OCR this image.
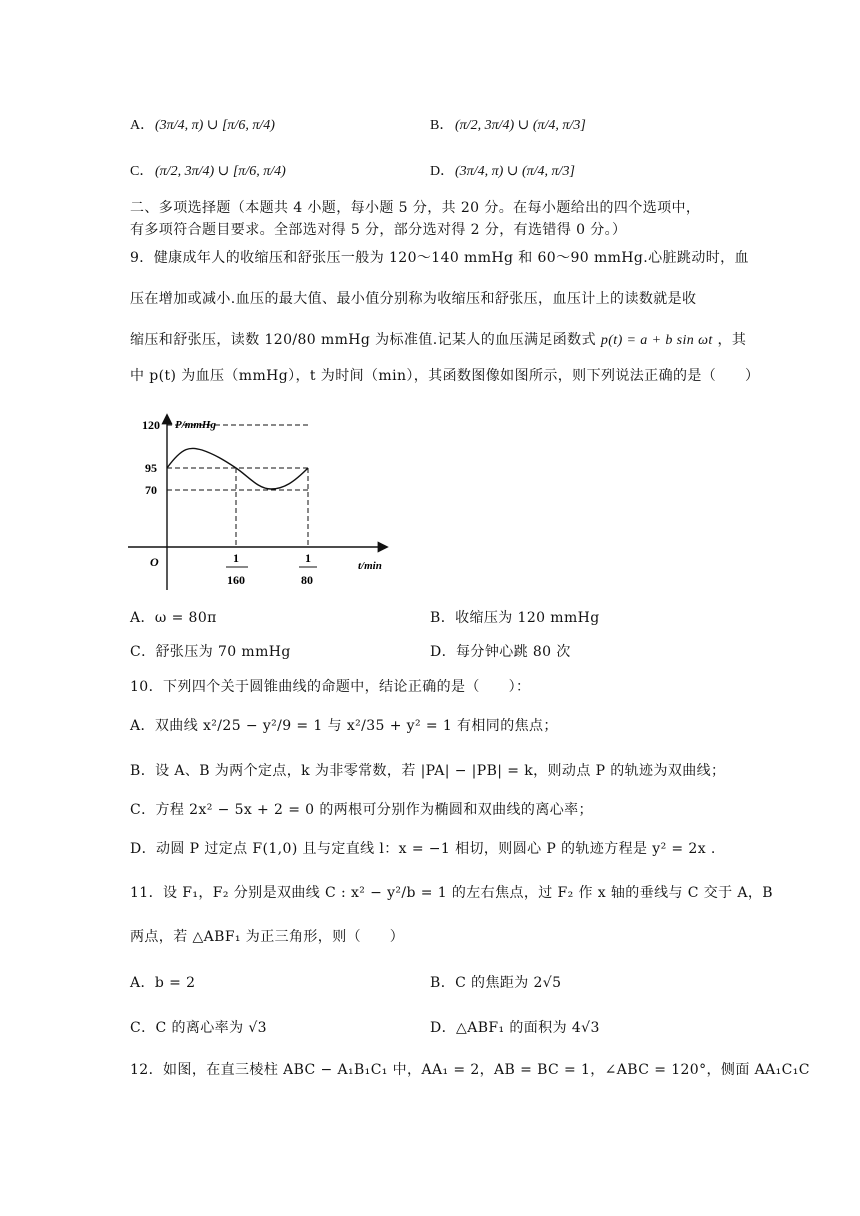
A． (3π/4, π) ∪ [π/6, π/4)	B． (π/2, 3π/4) ∪ (π/4, π/3]
C． (π/2, 3π/4) ∪ [π/6, π/4)	D． (3π/4, π) ∪ (π/4, π/3]
二、多项选择题（本题共 4 小题，每小题 5 分，共 20 分。在每小题给出的四个选项中，
有多项符合题目要求。全部选对得 5 分，部分选对得 2 分，有选错得 0 分。）
9．健康成年人的收缩压和舒张压一般为 120～140 mmHg 和 60～90 mmHg.心脏跳动时，血
压在增加或减小.血压的最大值、最小值分别称为收缩压和舒张压，血压计上的读数就是收
缩压和舒张压，读数 120/80 mmHg 为标准值.记某人的血压满足函数式 p(t) = a + b sin ωt ，其
中 p(t) 为血压（mmHg），t 为时间（min），其函数图像如图所示，则下列说法正确的是（　　）
P/mmHg
120
95
70
O	t/min
1
160
1
80
A．ω = 80π	B．收缩压为 120 mmHg
C．舒张压为 70 mmHg	D．每分钟心跳 80 次
10．下列四个关于圆锥曲线的命题中，结论正确的是（　　）：
A．双曲线 x²/25 − y²/9 = 1 与 x²/35 + y² = 1 有相同的焦点；
B．设 A、B 为两个定点，k 为非零常数，若 |PA| − |PB| = k，则动点 P 的轨迹为双曲线；
C．方程 2x² − 5x + 2 = 0 的两根可分别作为椭圆和双曲线的离心率；
D．动圆 P 过定点 F(1,0) 且与定直线 l：x = −1 相切，则圆心 P 的轨迹方程是 y² = 2x .
11．设 F₁，F₂ 分别是双曲线 C : x² − y²/b = 1 的左右焦点，过 F₂ 作 x 轴的垂线与 C 交于 A，B
两点，若 △ABF₁ 为正三角形，则（　　）
A．b = 2	B．C 的焦距为 2√5
C．C 的离心率为 √3	D．△ABF₁ 的面积为 4√3
12．如图，在直三棱柱 ABC − A₁B₁C₁ 中，AA₁ = 2，AB = BC = 1，∠ABC = 120°，侧面 AA₁C₁C
